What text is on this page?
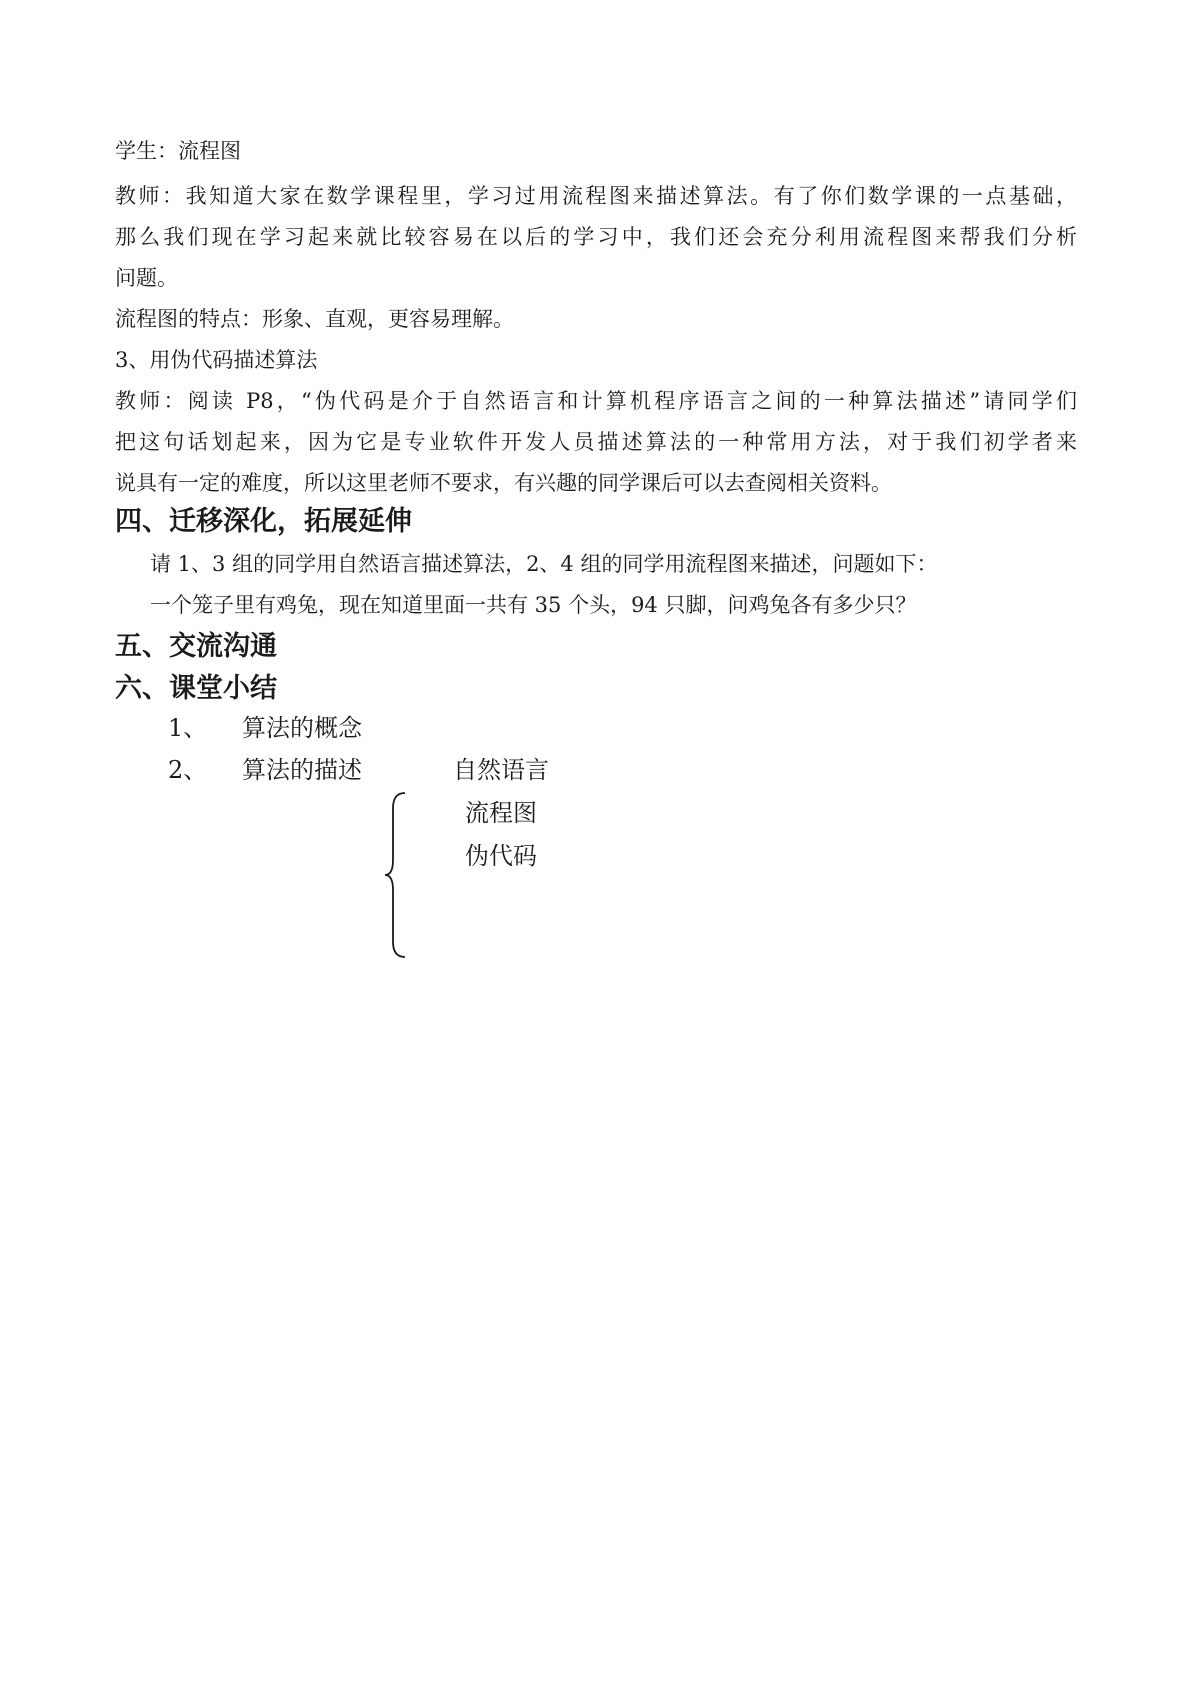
学生：流程图
教师：我知道大家在数学课程里，学习过用流程图来描述算法。有了你们数学课的一点基础，
那么我们现在学习起来就比较容易在以后的学习中，我们还会充分利用流程图来帮我们分析
问题。
流程图的特点：形象、直观，更容易理解。
3、用伪代码描述算法
教师：阅读 P8，“伪代码是介于自然语言和计算机程序语言之间的一种算法描述”请同学们
把这句话划起来，因为它是专业软件开发人员描述算法的一种常用方法，对于我们初学者来
说具有一定的难度，所以这里老师不要求，有兴趣的同学课后可以去查阅相关资料。
四、迁移深化，拓展延伸
请 1、3 组的同学用自然语言描述算法，2、4 组的同学用流程图来描述，问题如下：
一个笼子里有鸡兔，现在知道里面一共有 35 个头，94 只脚，问鸡兔各有多少只？
五、交流沟通
六、课堂小结
1、 算法的概念
2、 算法的描述	自然语言
流程图
伪代码
